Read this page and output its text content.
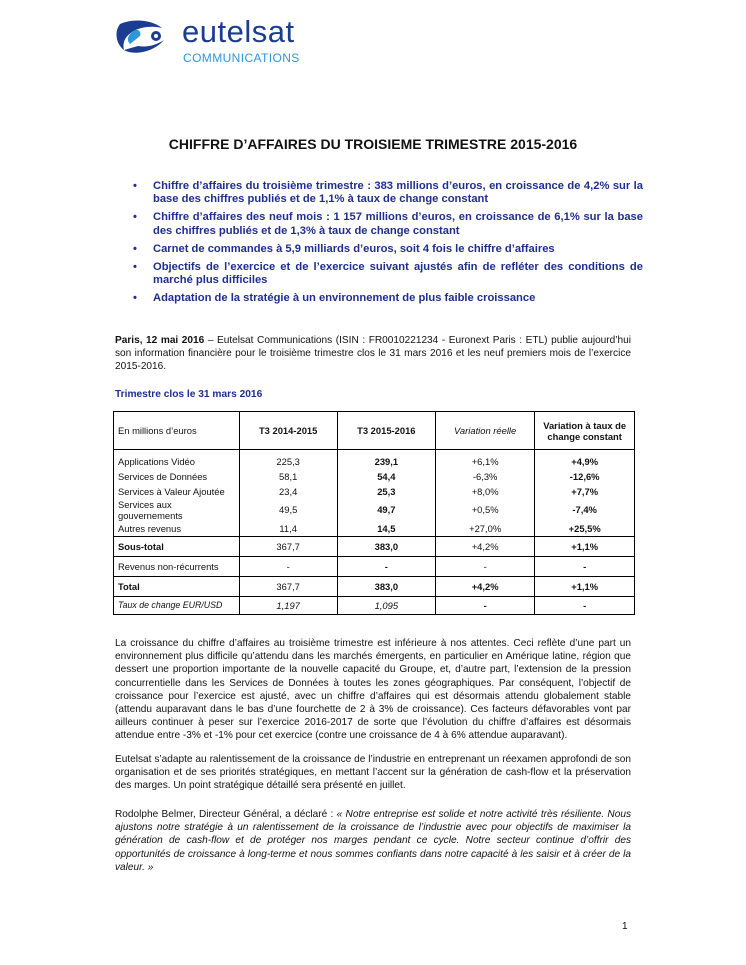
eutelsat
COMMUNICATIONS
CHIFFRE D’AFFAIRES DU TROISIEME TRIMESTRE 2015-2016
• Chiffre d’affaires du troisième trimestre : 383 millions d’euros, en croissance de 4,2% sur la base des chiffres publiés et de 1,1% à taux de change constant
• Chiffre d’affaires des neuf mois : 1 157 millions d’euros, en croissance de 6,1% sur la base des chiffres publiés et de 1,3% à taux de change constant
• Carnet de commandes à 5,9 milliards d’euros, soit 4 fois le chiffre d’affaires
• Objectifs de l’exercice et de l’exercice suivant ajustés afin de refléter des conditions de marché plus difficiles
• Adaptation de la stratégie à un environnement de plus faible croissance

Paris, 12 mai 2016 – Eutelsat Communications (ISIN : FR0010221234 - Euronext Paris : ETL) publie aujourd’hui son information financière pour le troisième trimestre clos le 31 mars 2016 et les neuf premiers mois de l’exercice 2015-2016.

Trimestre clos le 31 mars 2016
En millions d’euros	T3 2014-2015	T3 2015-2016	Variation réelle	Variation à taux de change constant

Applications Vidéo	225,3	239,1	+6,1%	+4,9%
Services de Données	58,1	54,4	-6,3%	-12,6%
Services à Valeur Ajoutée	23,4	25,3	+8,0%	+7,7%
Services aux gouvernements	49,5	49,7	+0,5%	-7,4%
Autres revenus	11,4	14,5	+27,0%	+25,5%
Sous-total	367,7	383,0	+4,2%	+1,1%
Revenus non-récurrents	-	-	-	-
Total	367,7	383,0	+4,2%	+1,1%
Taux de change EUR/USD	1,197	1,095	-	-

La croissance du chiffre d’affaires au troisième trimestre est inférieure à nos attentes. Ceci reflète d’une part un environnement plus difficile qu’attendu dans les marchés émergents, en particulier en Amérique latine, région que dessert une proportion importante de la nouvelle capacité du Groupe, et, d’autre part, l’extension de la pression concurrentielle dans les Services de Données à toutes les zones géographiques. Par conséquent, l’objectif de croissance pour l’exercice est ajusté, avec un chiffre d’affaires qui est désormais attendu globalement stable (attendu auparavant dans le bas d’une fourchette de 2 à 3% de croissance). Ces facteurs défavorables vont par ailleurs continuer à peser sur l’exercice 2016-2017 de sorte que l’évolution du chiffre d’affaires est désormais attendue entre -3% et -1% pour cet exercice (contre une croissance de 4 à 6% attendue auparavant).

Eutelsat s’adapte au ralentissement de la croissance de l’industrie en entreprenant un réexamen approfondi de son organisation et de ses priorités stratégiques, en mettant l’accent sur la génération de cash-flow et la préservation des marges. Un point stratégique détaillé sera présenté en juillet.

Rodolphe Belmer, Directeur Général, a déclaré : « Notre entreprise est solide et notre activité très résiliente. Nous ajustons notre stratégie à un ralentissement de la croissance de l’industrie avec pour objectifs de maximiser la génération de cash-flow et de protéger nos marges pendant ce cycle. Notre secteur continue d’offrir des opportunités de croissance à long-terme et nous sommes confiants dans notre capacité à les saisir et à créer de la valeur. »

1
